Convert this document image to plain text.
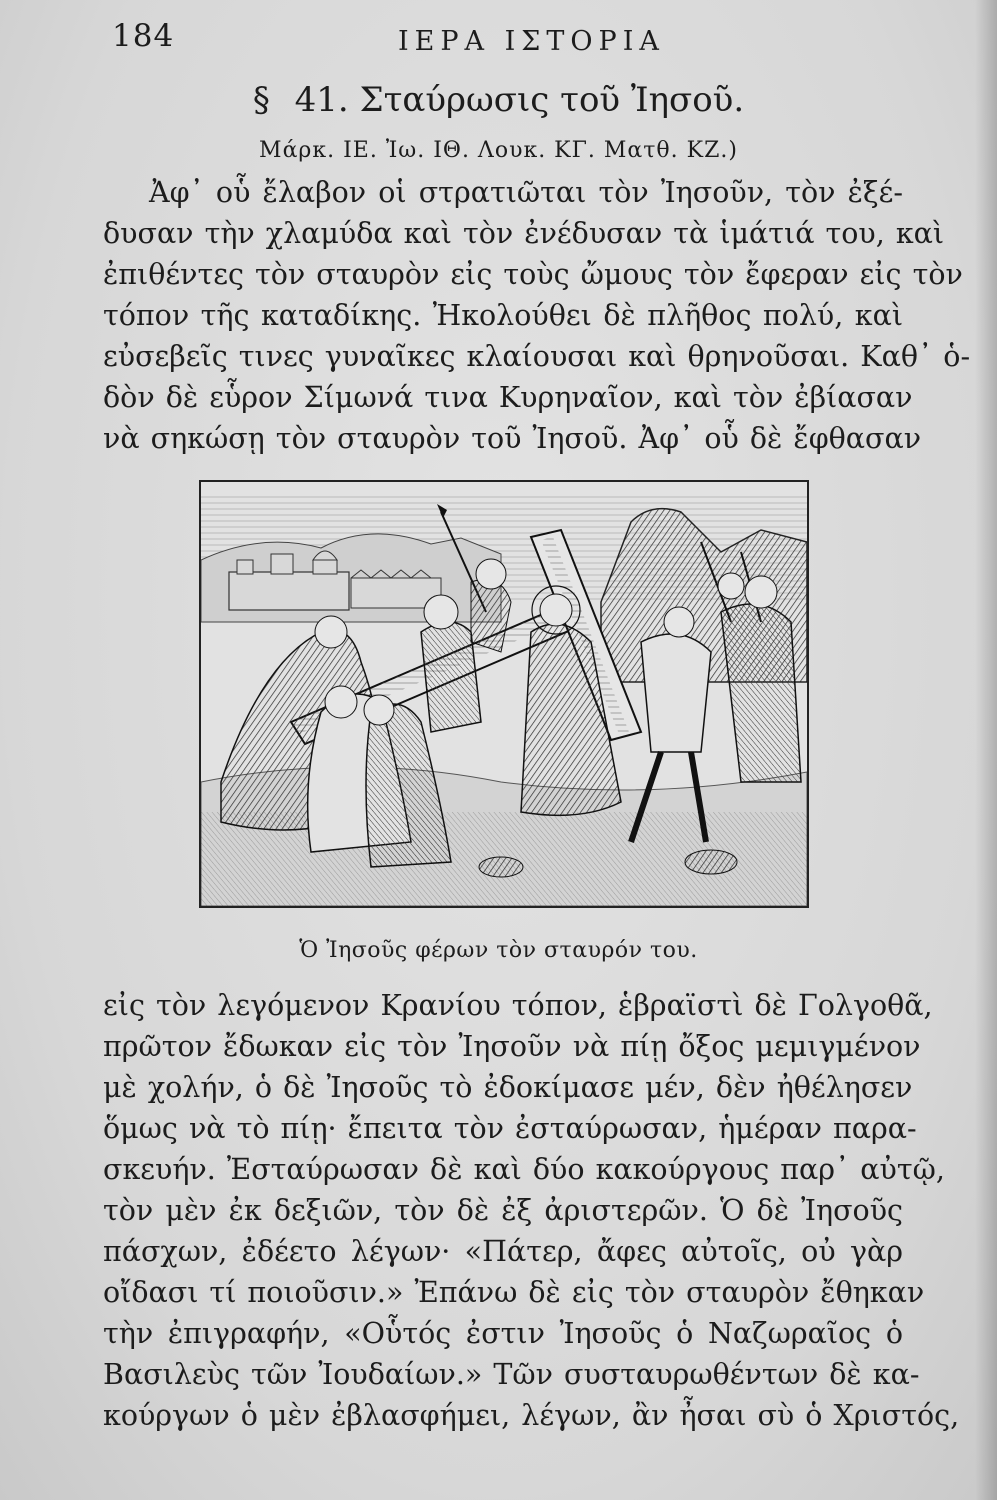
184	ΙΕΡΑ ΙΣΤΟΡΙΑ
§ 41. Σταύρωσις τοῦ Ἰησοῦ.
Μάρκ. ΙΕ. Ἰω. ΙΘ. Λουκ. ΚΓ. Ματθ. ΚΖ.)
Ἀφ᾽ οὗ ἔλαβον οἱ στρατιῶται τὸν Ἰησοῦν, τὸν ἐξέ-
δυσαν τὴν χλαμύδα καὶ τὸν ἐνέδυσαν τὰ ἱμάτιά του, καὶ
ἐπιθέντες τὸν σταυρὸν εἰς τοὺς ὤμους τὸν ἔφεραν εἰς τὸν
τόπον τῆς καταδίκης. Ἠκολούθει δὲ πλῆθος πολύ, καὶ
εὐσεβεῖς τινες γυναῖκες κλαίουσαι καὶ θρηνοῦσαι. Καθ᾽ ὁ-
δὸν δὲ εὗρον Σίμωνά τινα Κυρηναῖον, καὶ τὸν ἐβίασαν
νὰ σηκώσῃ τὸν σταυρὸν τοῦ Ἰησοῦ. Ἀφ᾽ οὗ δὲ ἔφθασαν
Ὁ Ἰησοῦς φέρων τὸν σταυρόν του.
εἰς τὸν λεγόμενον Κρανίου τόπον, ἑβραϊστὶ δὲ Γολγοθᾶ,
πρῶτον ἔδωκαν εἰς τὸν Ἰησοῦν νὰ πίῃ ὄξος μεμιγμένον
μὲ χολήν, ὁ δὲ Ἰησοῦς τὸ ἐδοκίμασε μέν, δὲν ἠθέλησεν
ὅμως νὰ τὸ πίῃ· ἔπειτα τὸν ἐσταύρωσαν, ἡμέραν παρα-
σκευήν. Ἐσταύρωσαν δὲ καὶ δύο κακούργους παρ᾽ αὐτῷ,
τὸν μὲν ἐκ δεξιῶν, τὸν δὲ ἐξ ἀριστερῶν. Ὁ δὲ Ἰησοῦς
πάσχων, ἐδέετο λέγων· «Πάτερ, ἄφες αὐτοῖς, οὐ γὰρ
οἴδασι τί ποιοῦσιν.» Ἐπάνω δὲ εἰς τὸν σταυρὸν ἔθηκαν
τὴν ἐπιγραφήν, «Οὗτός ἐστιν Ἰησοῦς ὁ Ναζωραῖος ὁ
Βασιλεὺς τῶν Ἰουδαίων.» Τῶν συσταυρωθέντων δὲ κα-
κούργων ὁ μὲν ἐβλασφήμει, λέγων, ἂν ἦσαι σὺ ὁ Χριστός,
